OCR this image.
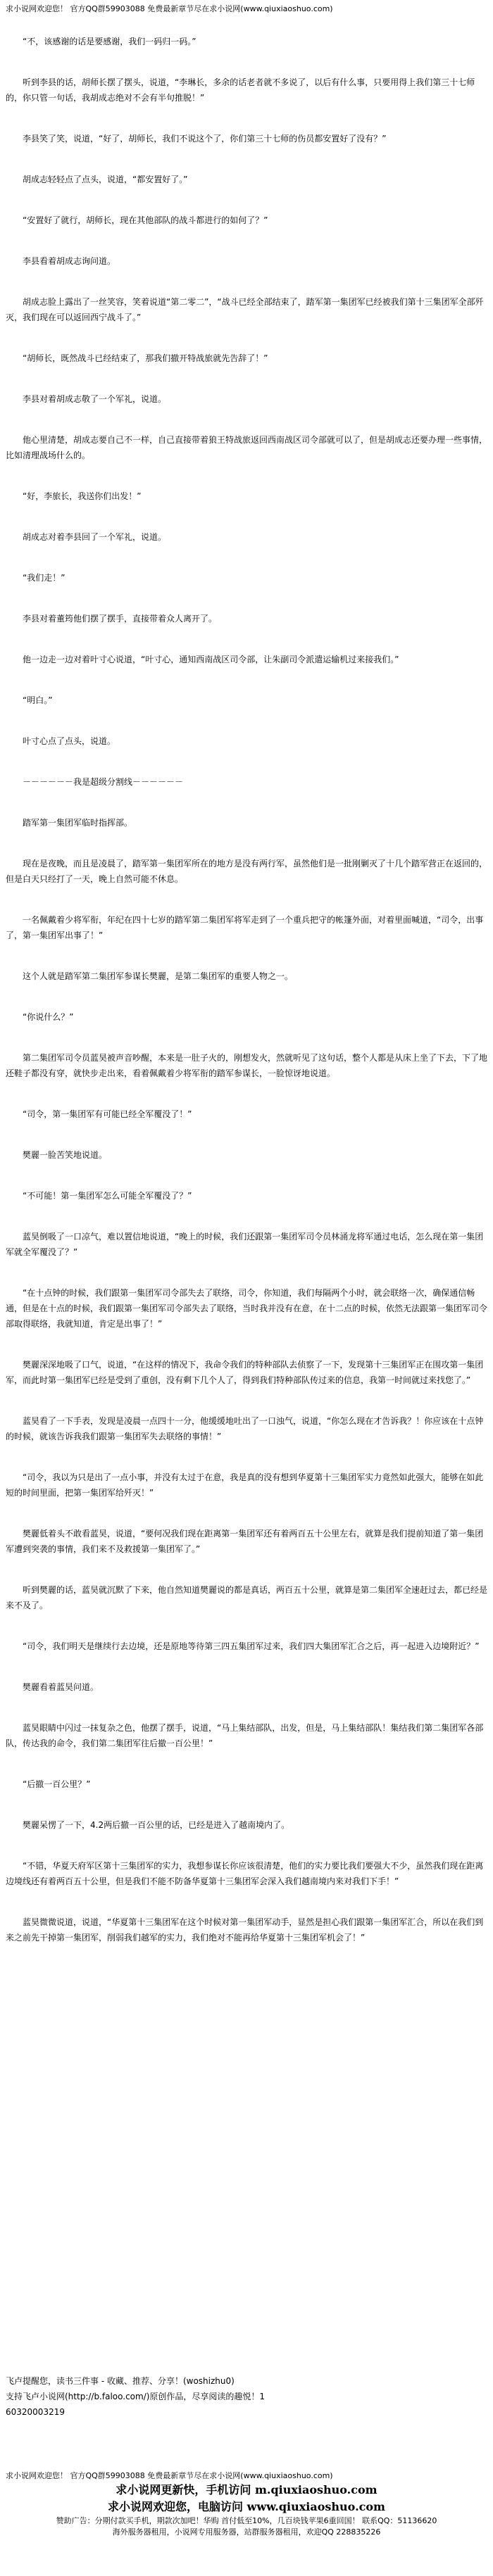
求小说网欢迎您！ 官方QQ群59903088 免费最新章节尽在求小说网(www.qiuxiaoshuo.com)

“不，该感谢的话是要感谢，我们一码归一码。”

听到李县的话，胡师长摆了摆头，说道，“李琳长，多余的话老者就不多说了，以后有什么事，只要用得上我们第三十七师的，你只管一句话，我胡成志绝对不会有半句推脱！”

李县笑了笑，说道，“好了，胡师长，我们不说这个了，你们第三十七师的伤员都安置好了没有？”

胡成志轻轻点了点头，说道，“都安置好了。”

“安置好了就行，胡师长，现在其他部队的战斗都进行的如何了？”

李县看着胡成志询问道。

胡成志脸上露出了一丝笑容，笑着说道“第二零二”，“战斗已经全部结束了，踏军第一集团军已经被我们第十三集团军全部歼灭，我们现在可以返回西宁战斗了。”

“胡师长，既然战斗已经结束了，那我们撤开特战旅就先告辞了！”

李县对着胡成志敬了一个军礼，说道。

他心里清楚，胡成志要自己不一样，自己直接带着狼王特战旅返回西南战区司令部就可以了，但是胡成志还要办理一些事情，比如清理战场什么的。

“好，李旅长，我送你们出发！”

胡成志对着李县回了一个军礼，说道。

“我们走！”

李县对着董筠他们摆了摆手，直接带着众人离开了。

他一边走一边对着叶寸心说道，“叶寸心，通知西南战区司令部，让朱副司令派遣运输机过来接我们。”

“明白。”

叶寸心点了点头，说道。

－－－－－－我是超级分割线－－－－－－

踏军第一集团军临时指挥部。

现在是夜晚，而且是凌晨了，踏军第一集团军所在的地方是没有两行军，虽然他们是一批刚剿灭了十几个踏军营正在返回的，但是白天只经打了一天，晚上自然可能不休息。

一名佩戴着少将军衔，年纪在四十七岁的踏军第二集团军将军走到了一个重兵把守的帐篷外面，对着里面喊道，“司令，出事了，第一集团军出事了！”

这个人就是踏军第二集团军参谋长樊麗，是第二集团军的重要人物之一。

“你说什么？”

第二集团军司令员蓝昊被声音吵醒，本来是一肚子火的，刚想发火，然就听见了这句话，整个人都是从床上坐了下去，下了地还鞋子都没有穿，就快步走出来，看着佩戴着少将军衔的踏军参谋长，一脸惊讶地说道。

“司令，第一集团军有可能已经全军覆没了！”

樊麗一脸苦笑地说道。

“不可能！第一集团军怎么可能全军覆没了？”

蓝昊倒吸了一口凉气，难以置信地说道，“晚上的时候，我们还跟第一集团军司令员林涌龙将军通过电话，怎么现在第一集团军就全军覆没了？”

“在十点钟的时候，我们跟第一集团军司令部失去了联络，司令，你知道，我们每隔两个小时，就会联络一次，确保通信畅通，但是在十点的时候，我们跟第一集团军司令部失去了联络，当时我并没有在意，在十二点的时候，依然无法跟第一集团军司令部取得联络，我就知道，肯定是出事了！”

樊麗深深地吸了口气，说道，“在这样的情况下，我命令我们的特种部队去侦察了一下，发现第十三集团军正在围攻第一集团军，而此时第一集团军已经是受到了重创，没有剩下几个人了，得到我们特种部队传过来的信息，我第一时间就过来找您了。”

蓝昊看了一下手表，发现是凌晨一点四十一分，他缓缓地吐出了一口浊气，说道，“你怎么现在才告诉我？！你应该在十点钟的时候，就该告诉我我们跟第一集团军失去联络的事情！”

“司令，我以为只是出了一点小事，并没有太过于在意，我是真的没有想到华夏第十三集团军实力竟然如此强大，能够在如此短的时间里面，把第一集团军给歼灭！”

樊麗低着头不敢看蓝昊，说道，“要何况我们现在距离第一集团军还有着两百五十公里左右，就算是我们提前知道了第一集团军遭到突袭的事情，我们来不及救援第一集团军了。”

听到樊麗的话，蓝昊就沉默了下来，他自然知道樊麗说的都是真话，两百五十公里，就算是第二集团军全速赶过去，都已经是来不及了。

“司令，我们明天是继续行去边境，还是原地等待第三四五集团军过来，我们四大集团军汇合之后，再一起进入边境附近？”

樊麗看着蓝昊问道。

蓝昊眼睛中闪过一抹复杂之色，他摆了摆手，说道，“马上集结部队，出发，但是，马上集结部队！集结我们第二集团军各部队，传达我的命令，我们第二集团军往后撤一百公里！”

“后撤一百公里？”

樊麗呆愣了一下，4.2两后撤一百公里的话，已经是进入了越南境内了。

“不错，华夏天府军区第十三集团军的实力，我想参谋长你应该很清楚，他们的实力要比我们要强大不少，虽然我们现在距离边境线还有着两百五十公里，但是我们不能不防备华夏第十三集团军会深入我们越南境内来对我们下手！”

蓝昊微微说道，说道，“华夏第十三集团军在这个时候对第一集团军动手，显然是担心我们跟第一集团军汇合，所以在我们到来之前先干掉第一集团军，削弱我们越军的实力，我们绝对不能再给华夏第十三集团军机会了！”

飞卢提醒您，读书三件事 - 收藏、推荐、分享！(woshizhu0)

支持飞卢小说网(http://b.faloo.com/)原创作品，尽享阅读的趣悦！1

60320003219

求小说网欢迎您！ 官方QQ群59903088 免费最新章节尽在求小说网(www.qiuxiaoshuo.com)
求小说网更新快，手机访问 m.qiuxiaoshuo.com
求小说网欢迎您，电脑访问 www.qiuxiaoshuo.com
赞助广告：分期付款买手机，期款次加吧！华购 首付低至10%，几百块钱苹果6重回国！ 联系QQ：51136620
海外服务器租用，小说网专用服务器，站群服务器租用，欢迎QQ 228835226
